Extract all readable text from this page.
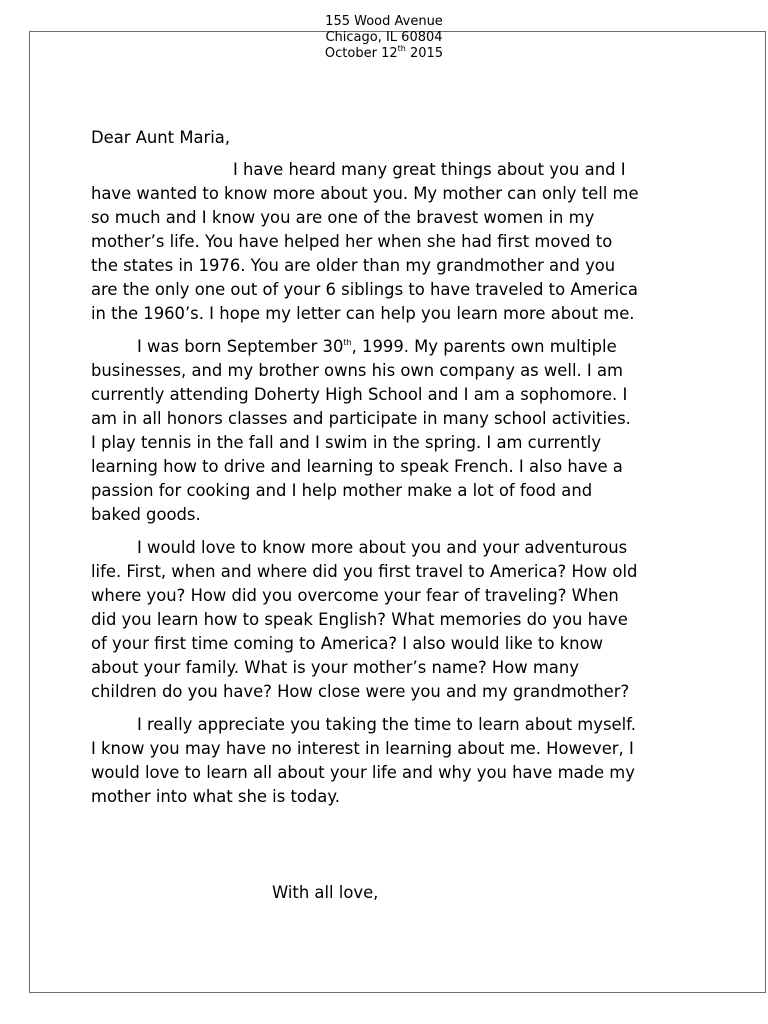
155 Wood Avenue
Chicago, IL 60804
October 12th 2015
Dear Aunt Maria,
I have heard many great things about you and I
have wanted to know more about you. My mother can only tell me
so much and I know you are one of the bravest women in my
mother’s life. You have helped her when she had first moved to
the states in 1976. You are older than my grandmother and you
are the only one out of your 6 siblings to have traveled to America
in the 1960’s. I hope my letter can help you learn more about me.
I was born September 30th, 1999. My parents own multiple
businesses, and my brother owns his own company as well. I am
currently attending Doherty High School and I am a sophomore. I
am in all honors classes and participate in many school activities.
I play tennis in the fall and I swim in the spring. I am currently
learning how to drive and learning to speak French. I also have a
passion for cooking and I help mother make a lot of food and
baked goods.
I would love to know more about you and your adventurous
life. First, when and where did you first travel to America? How old
where you? How did you overcome your fear of traveling? When
did you learn how to speak English? What memories do you have
of your first time coming to America? I also would like to know
about your family. What is your mother’s name? How many
children do you have? How close were you and my grandmother?
I really appreciate you taking the time to learn about myself.
I know you may have no interest in learning about me. However, I
would love to learn all about your life and why you have made my
mother into what she is today.
With all love,
